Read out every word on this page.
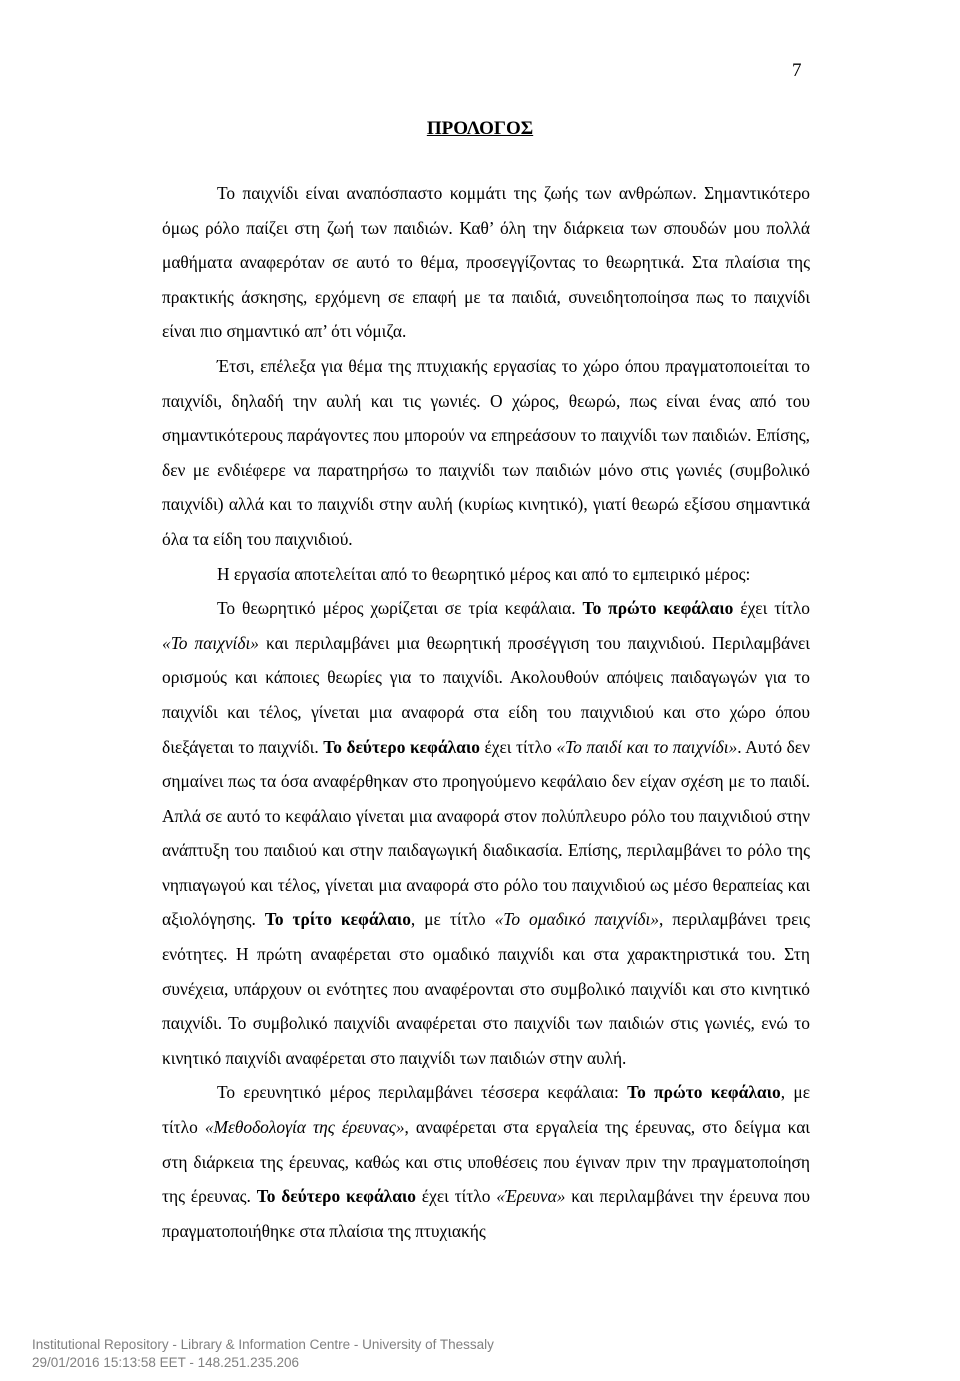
7
ΠΡΟΛΟΓΟΣ

Το παιχνίδι είναι αναπόσπαστο κομμάτι της ζωής των ανθρώπων. Σημαντικότερο όμως ρόλο παίζει στη ζωή των παιδιών. Καθ’ όλη την διάρκεια των σπουδών μου πολλά μαθήματα αναφερόταν σε αυτό το θέμα, προσεγγίζοντας το θεωρητικά. Στα πλαίσια της πρακτικής άσκησης, ερχόμενη σε επαφή με τα παιδιά, συνειδητοποίησα πως το παιχνίδι είναι πιο σημαντικό απ’ ότι νόμιζα.

Έτσι, επέλεξα για θέμα της πτυχιακής εργασίας το χώρο όπου πραγματοποιείται το παιχνίδι, δηλαδή την αυλή και τις γωνιές. Ο χώρος, θεωρώ, πως είναι ένας από του σημαντικότερους παράγοντες που μπορούν να επηρεάσουν το παιχνίδι των παιδιών. Επίσης, δεν με ενδιέφερε να παρατηρήσω το παιχνίδι των παιδιών μόνο στις γωνιές (συμβολικό παιχνίδι) αλλά και το παιχνίδι στην αυλή (κυρίως κινητικό), γιατί θεωρώ εξίσου σημαντικά όλα τα είδη του παιχνιδιού.

Η εργασία αποτελείται από το θεωρητικό μέρος και από το εμπειρικό μέρος:

Το θεωρητικό μέρος χωρίζεται σε τρία κεφάλαια. Το πρώτο κεφάλαιο έχει τίτλο «Το παιχνίδι» και περιλαμβάνει μια θεωρητική προσέγγιση του παιχνιδιού. Περιλαμβάνει ορισμούς και κάποιες θεωρίες για το παιχνίδι. Ακολουθούν απόψεις παιδαγωγών για το παιχνίδι και τέλος, γίνεται μια αναφορά στα είδη του παιχνιδιού και στο χώρο όπου διεξάγεται το παιχνίδι. Το δεύτερο κεφάλαιο έχει τίτλο «Το παιδί και το παιχνίδι». Αυτό δεν σημαίνει πως τα όσα αναφέρθηκαν στο προηγούμενο κεφάλαιο δεν είχαν σχέση με το παιδί. Απλά σε αυτό το κεφάλαιο γίνεται μια αναφορά στον πολύπλευρο ρόλο του παιχνιδιού στην ανάπτυξη του παιδιού και στην παιδαγωγική διαδικασία. Επίσης, περιλαμβάνει το ρόλο της νηπιαγωγού και τέλος, γίνεται μια αναφορά στο ρόλο του παιχνιδιού ως μέσο θεραπείας και αξιολόγησης. Το τρίτο κεφάλαιο, με τίτλο «Το ομαδικό παιχνίδι», περιλαμβάνει τρεις ενότητες. Η πρώτη αναφέρεται στο ομαδικό παιχνίδι και στα χαρακτηριστικά του. Στη συνέχεια, υπάρχουν οι ενότητες που αναφέρονται στο συμβολικό παιχνίδι και στο κινητικό παιχνίδι. Το συμβολικό παιχνίδι αναφέρεται στο παιχνίδι των παιδιών στις γωνιές, ενώ το κινητικό παιχνίδι αναφέρεται στο παιχνίδι των παιδιών στην αυλή.

Το ερευνητικό μέρος περιλαμβάνει τέσσερα κεφάλαια: Το πρώτο κεφάλαιο, με τίτλο «Μεθοδολογία της έρευνας», αναφέρεται στα εργαλεία της έρευνας, στο δείγμα και στη διάρκεια της έρευνας, καθώς και στις υποθέσεις που έγιναν πριν την πραγματοποίηση της έρευνας. Το δεύτερο κεφάλαιο έχει τίτλο «Έρευνα» και περιλαμβάνει την έρευνα που πραγματοποιήθηκε στα πλαίσια της πτυχιακής

Institutional Repository - Library & Information Centre - University of Thessaly
29/01/2016 15:13:58 EET - 148.251.235.206
